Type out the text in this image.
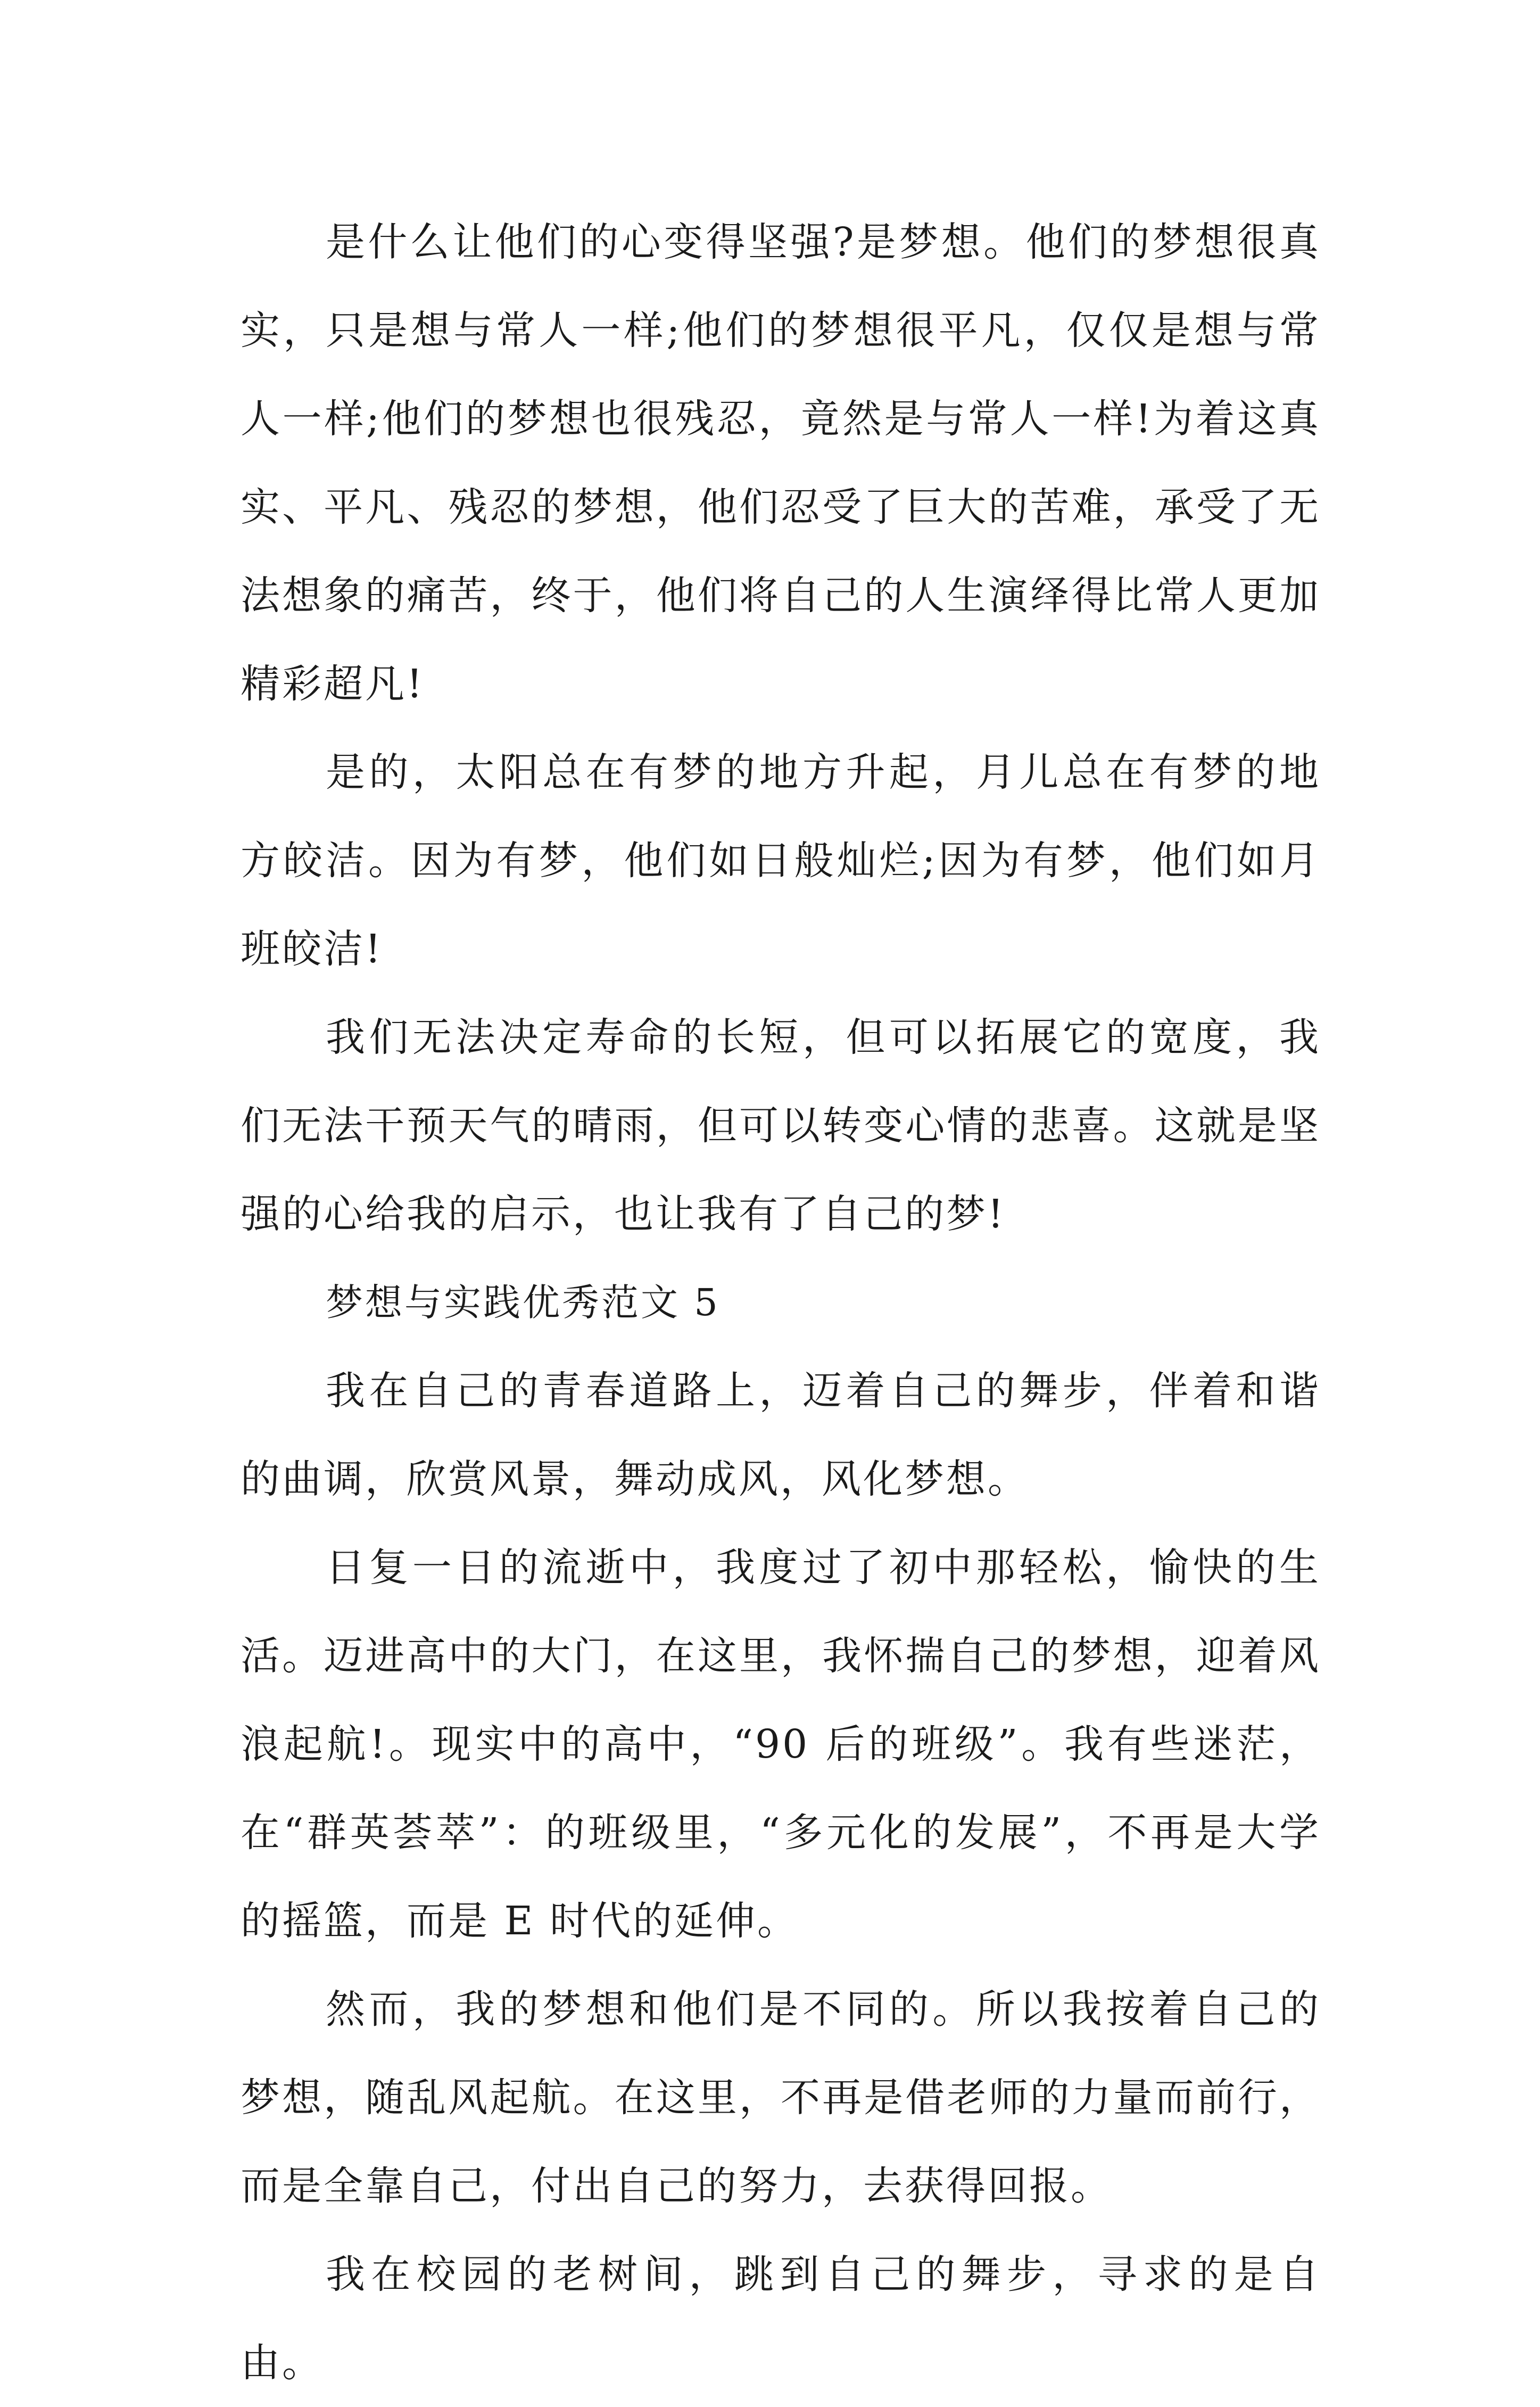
是什么让他们的心变得坚强?是梦想。他们的梦想很真实，只是想与常人一样;他们的梦想很平凡，仅仅是想与常人一样;他们的梦想也很残忍，竟然是与常人一样!为着这真实、平凡、残忍的梦想，他们忍受了巨大的苦难，承受了无法想象的痛苦，终于，他们将自己的人生演绎得比常人更加精彩超凡!

是的，太阳总在有梦的地方升起，月儿总在有梦的地方皎洁。因为有梦，他们如日般灿烂;因为有梦，他们如月班皎洁!

我们无法决定寿命的长短，但可以拓展它的宽度，我们无法干预天气的晴雨，但可以转变心情的悲喜。这就是坚强的心给我的启示，也让我有了自己的梦!

梦想与实践优秀范文 5

我在自己的青春道路上，迈着自己的舞步，伴着和谐的曲调，欣赏风景，舞动成风，风化梦想。

日复一日的流逝中，我度过了初中那轻松，愉快的生活。迈进高中的大门，在这里，我怀揣自己的梦想，迎着风浪起航!。现实中的高中，“90 后的班级”。我有些迷茫，在“群英荟萃”：的班级里，“多元化的发展”，不再是大学的摇篮，而是 E 时代的延伸。

然而，我的梦想和他们是不同的。所以我按着自己的梦想，随乱风起航。在这里，不再是借老师的力量而前行，而是全靠自己，付出自己的努力，去获得回报。

我在校园的老树间，跳到自己的舞步，寻求的是自由。
